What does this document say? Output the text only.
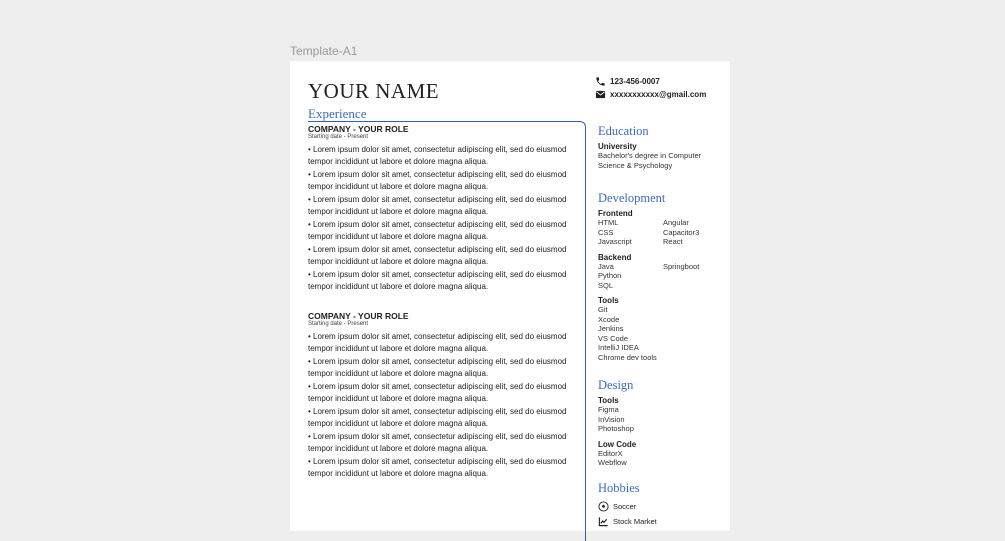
Template-A1
YOUR NAME	123-456-0007
xxxxxxxxxxx@gmail.com
Experience
COMPANY - YOUR ROLE
Starting date - Present
• Lorem ipsum dolor sit amet, consectetur adipiscing elit, sed do eiusmod tempor incididunt ut labore et dolore magna aliqua.
• Lorem ipsum dolor sit amet, consectetur adipiscing elit, sed do eiusmod tempor incididunt ut labore et dolore magna aliqua.
• Lorem ipsum dolor sit amet, consectetur adipiscing elit, sed do eiusmod tempor incididunt ut labore et dolore magna aliqua.
• Lorem ipsum dolor sit amet, consectetur adipiscing elit, sed do eiusmod tempor incididunt ut labore et dolore magna aliqua.
• Lorem ipsum dolor sit amet, consectetur adipiscing elit, sed do eiusmod tempor incididunt ut labore et dolore magna aliqua.
• Lorem ipsum dolor sit amet, consectetur adipiscing elit, sed do eiusmod tempor incididunt ut labore et dolore magna aliqua.
COMPANY - YOUR ROLE
Starting date - Present
• Lorem ipsum dolor sit amet, consectetur adipiscing elit, sed do eiusmod tempor incididunt ut labore et dolore magna aliqua.
• Lorem ipsum dolor sit amet, consectetur adipiscing elit, sed do eiusmod tempor incididunt ut labore et dolore magna aliqua.
• Lorem ipsum dolor sit amet, consectetur adipiscing elit, sed do eiusmod tempor incididunt ut labore et dolore magna aliqua.
• Lorem ipsum dolor sit amet, consectetur adipiscing elit, sed do eiusmod tempor incididunt ut labore et dolore magna aliqua.
• Lorem ipsum dolor sit amet, consectetur adipiscing elit, sed do eiusmod tempor incididunt ut labore et dolore magna aliqua.
• Lorem ipsum dolor sit amet, consectetur adipiscing elit, sed do eiusmod tempor incididunt ut labore et dolore magna aliqua.
Education
University
Bachelor's degree in Computer Science & Psychology
Development
Frontend
HTML
CSS
Javascript
Angular
Capacitor3
React
Backend
Java
Python
SQL
Springboot
Tools
Git
Xcode
Jenkins
VS Code
IntelliJ IDEA
Chrome dev tools
Design
Tools
Figma
InVision
Photoshop
Low Code
EditorX
Webflow
Hobbies
Soccer
Stock Market
